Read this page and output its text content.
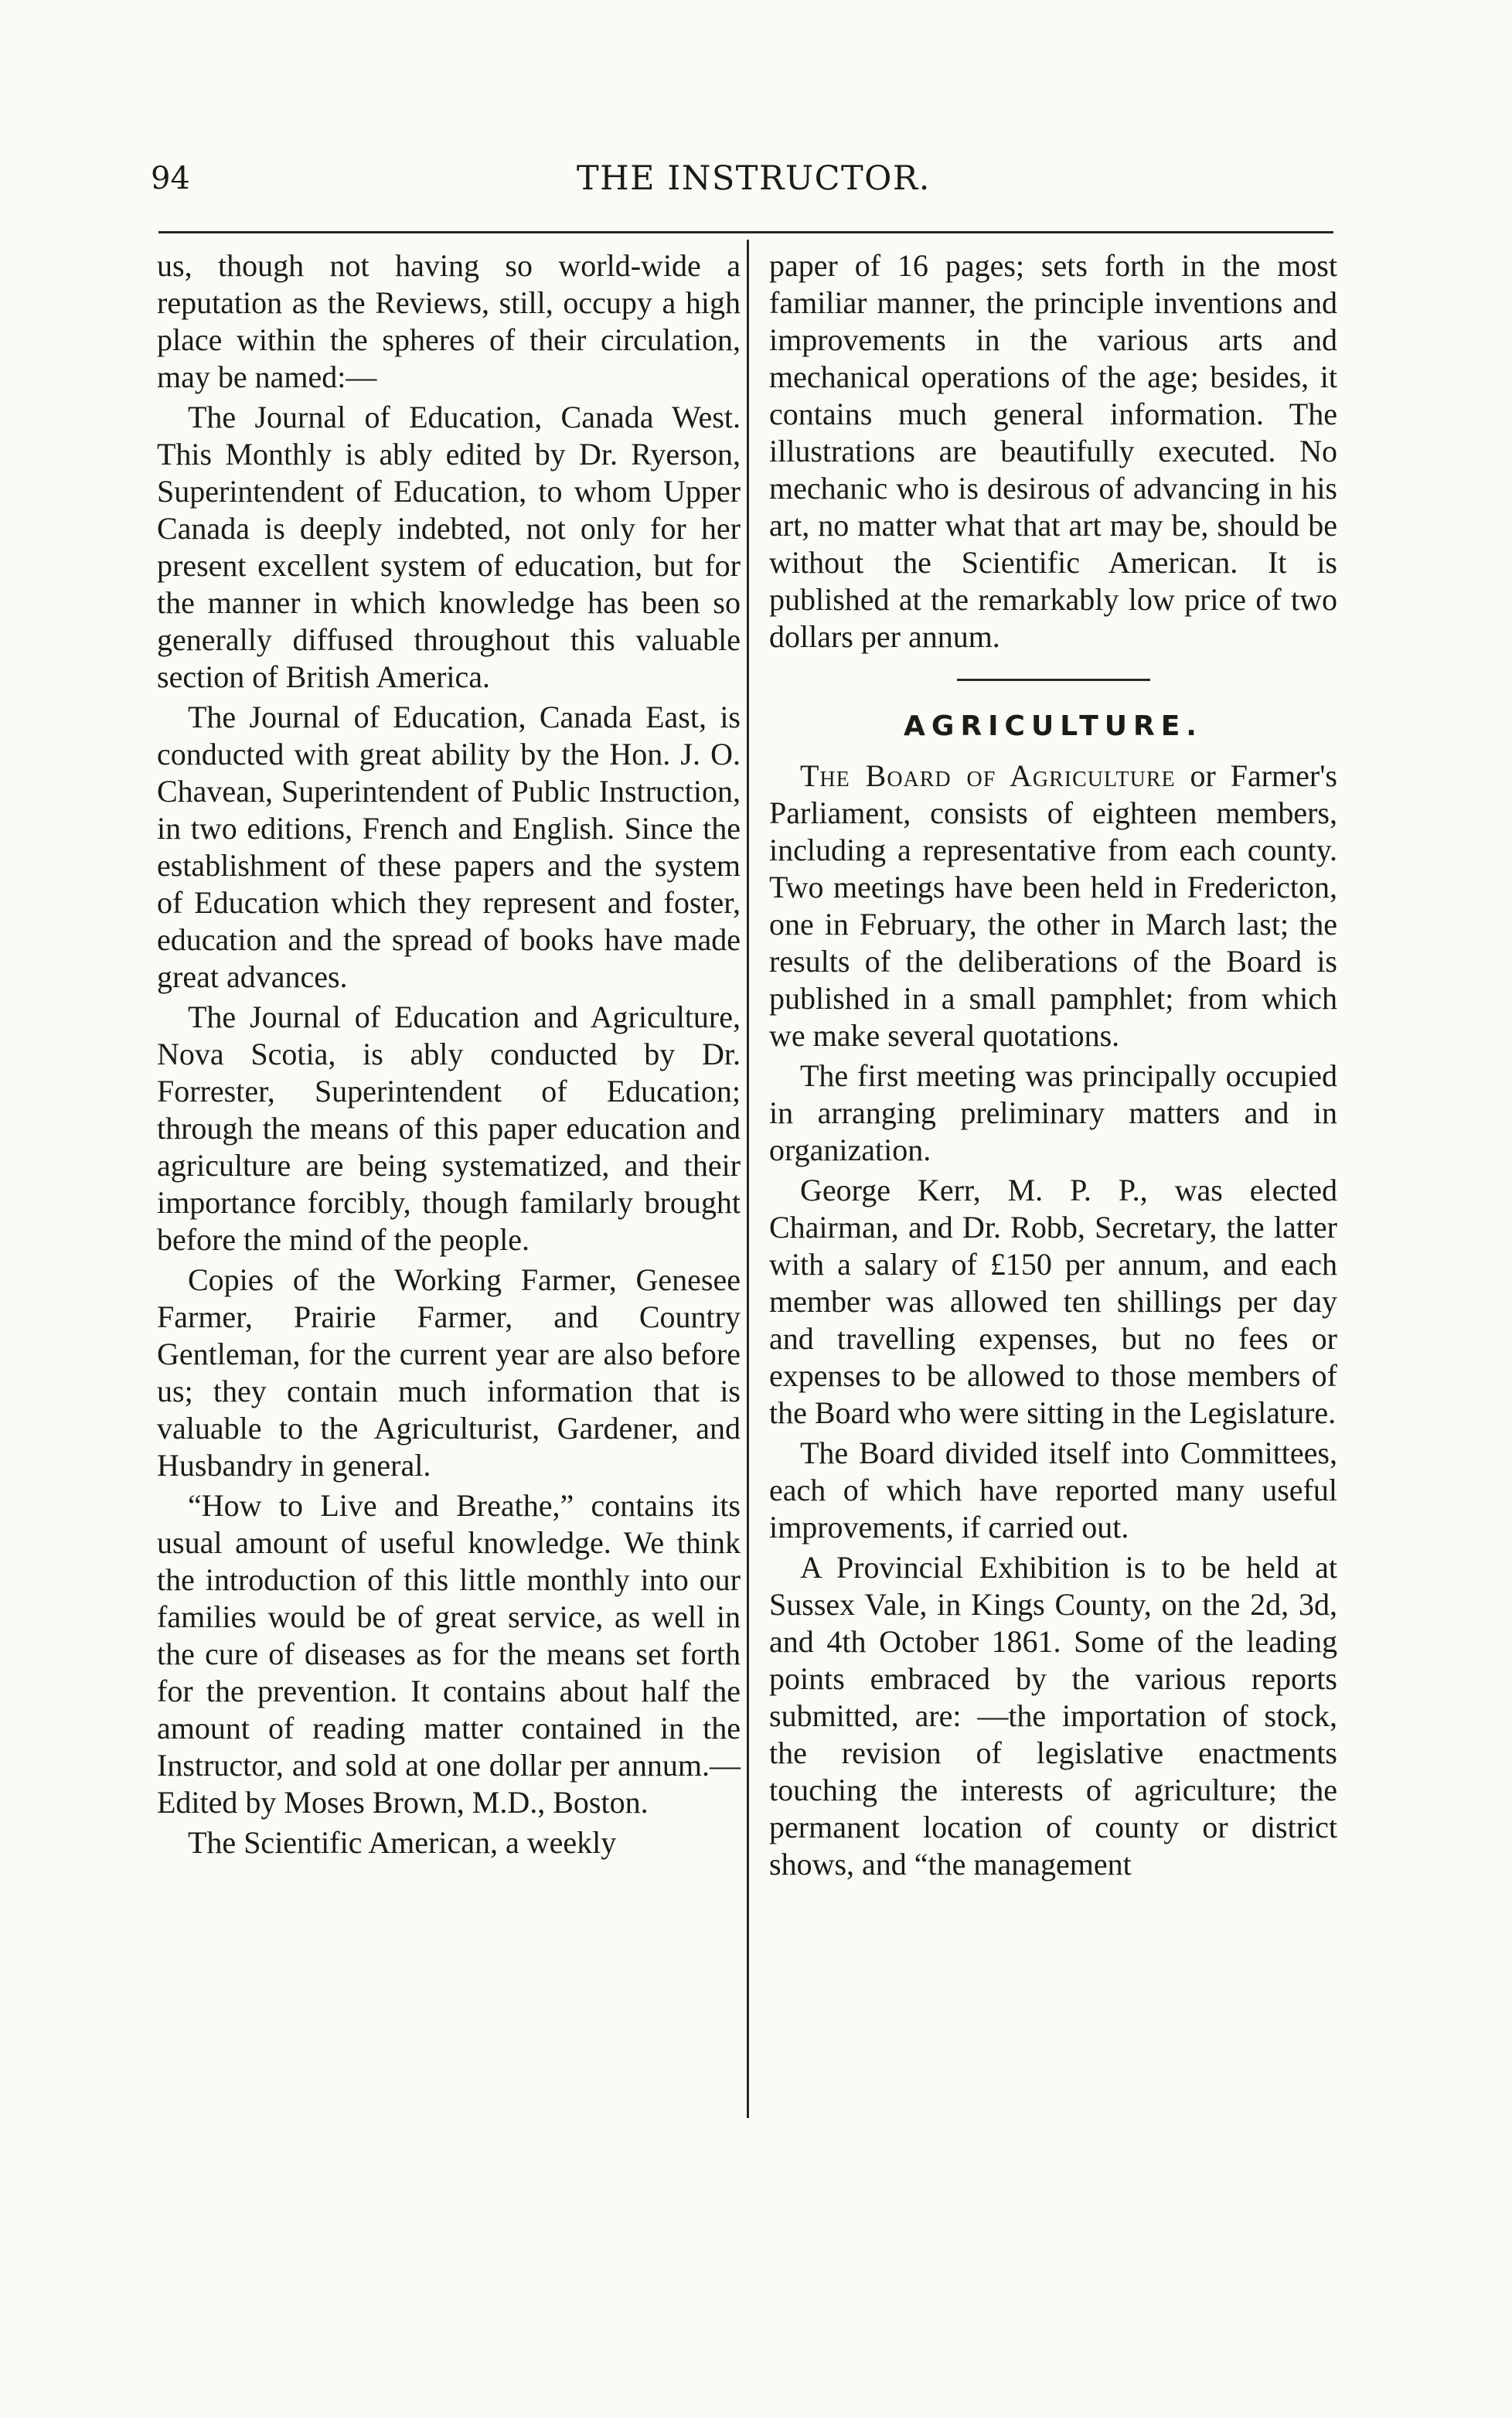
94	THE INSTRUCTOR.

us, though not having so world-wide a reputation as the Reviews, still, occupy a high place within the spheres of their circulation, may be named:—

The Journal of Education, Canada West. This Monthly is ably edited by Dr. Ryerson, Superintendent of Education, to whom Upper Canada is deeply indebted, not only for her present excellent system of education, but for the manner in which knowledge has been so generally diffused throughout this valuable section of British America.

The Journal of Education, Canada East, is conducted with great ability by the Hon. J. O. Chavean, Superintendent of Public Instruction, in two editions, French and English. Since the establishment of these papers and the system of Education which they represent and foster, education and the spread of books have made great advances.

The Journal of Education and Agriculture, Nova Scotia, is ably conducted by Dr. Forrester, Superintendent of Education; through the means of this paper education and agriculture are being systematized, and their importance forcibly, though familarly brought before the mind of the people.

Copies of the Working Farmer, Genesee Farmer, Prairie Farmer, and Country Gentleman, for the current year are also before us; they contain much information that is valuable to the Agriculturist, Gardener, and Husbandry in general.

“How to Live and Breathe,” contains its usual amount of useful knowledge. We think the introduction of this little monthly into our families would be of great service, as well in the cure of diseases as for the means set forth for the prevention. It contains about half the amount of reading matter contained in the Instructor, and sold at one dollar per annum.— Edited by Moses Brown, M.D., Boston.

The Scientific American, a weekly

paper of 16 pages; sets forth in the most familiar manner, the principle inventions and improvements in the various arts and mechanical operations of the age; besides, it contains much general information. The illustrations are beautifully executed. No mechanic who is desirous of advancing in his art, no matter what that art may be, should be without the Scientific American. It is published at the remarkably low price of two dollars per annum.

AGRICULTURE.

The Board of Agriculture or Farmer's Parliament, consists of eighteen members, including a representative from each county. Two meetings have been held in Fredericton, one in February, the other in March last; the results of the deliberations of the Board is published in a small pamphlet; from which we make several quotations.

The first meeting was principally occupied in arranging preliminary matters and in organization.

George Kerr, M. P. P., was elected Chairman, and Dr. Robb, Secretary, the latter with a salary of £150 per annum, and each member was allowed ten shillings per day and travelling expenses, but no fees or expenses to be allowed to those members of the Board who were sitting in the Legislature.

The Board divided itself into Committees, each of which have reported many useful improvements, if carried out.

A Provincial Exhibition is to be held at Sussex Vale, in Kings County, on the 2d, 3d, and 4th October 1861. Some of the leading points embraced by the various reports submitted, are: —the importation of stock, the revision of legislative enactments touching the interests of agriculture; the permanent location of county or district shows, and “the management
